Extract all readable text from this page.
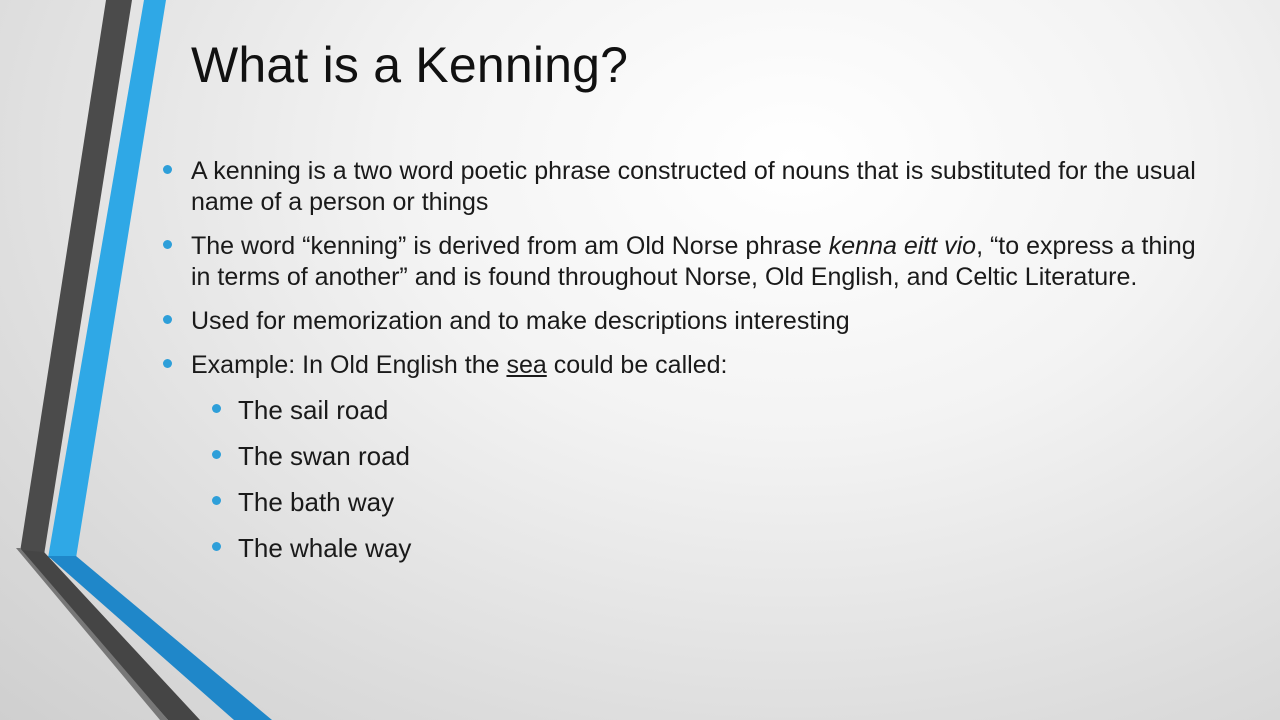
What is a Kenning?
A kenning is a two word poetic phrase constructed of nouns that is substituted for the usual name of a person or things
The word “kenning” is derived from am Old Norse phrase kenna eitt vio, “to express a thing in terms of another” and is found throughout Norse, Old English, and Celtic Literature.
Used for memorization and to make descriptions interesting
Example: In Old English the sea could be called:
The sail road
The swan road
The bath way
The whale way
